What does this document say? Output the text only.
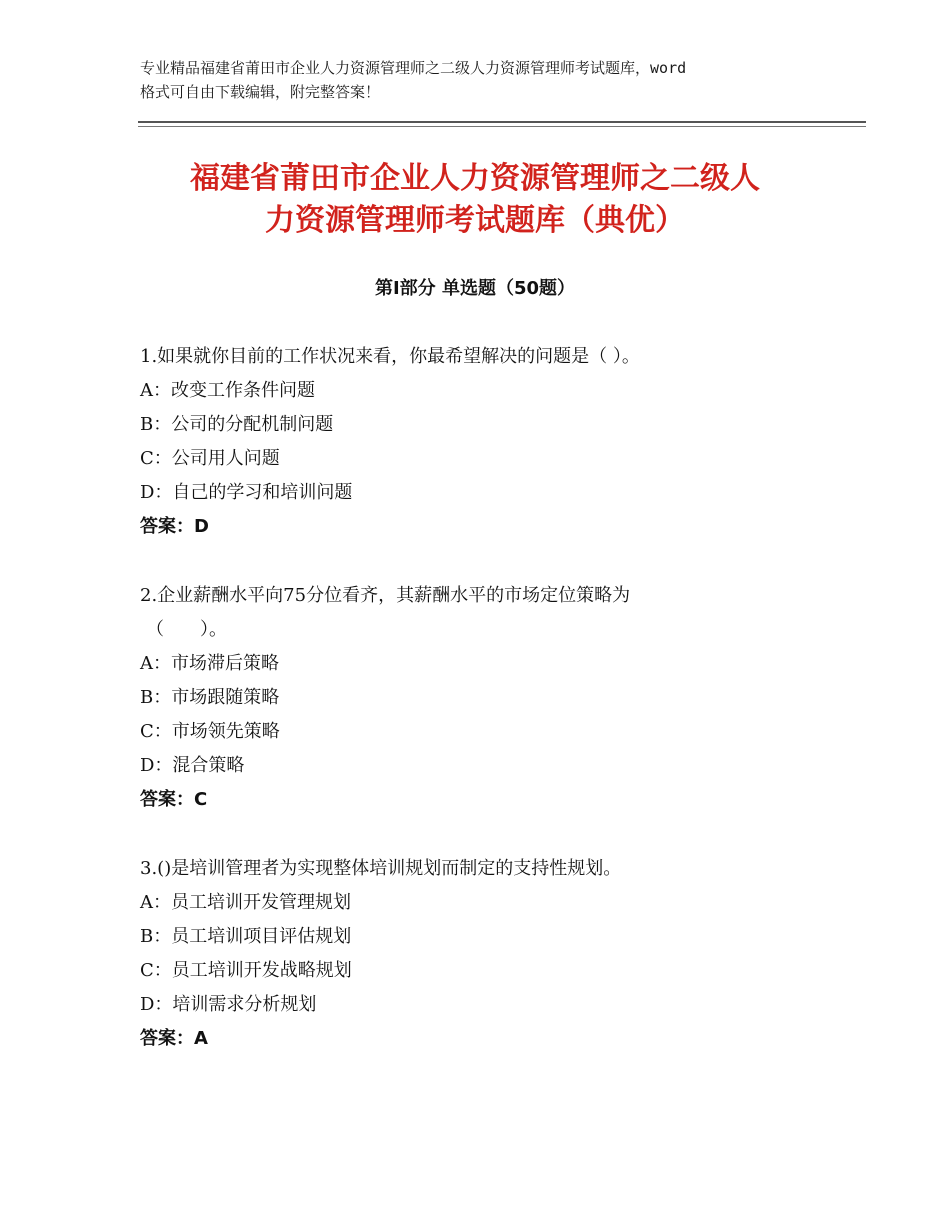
专业精品福建省莆田市企业人力资源管理师之二级人力资源管理师考试题库，word
格式可自由下载编辑，附完整答案！
福建省莆田市企业人力资源管理师之二级人
力资源管理师考试题库（典优）
第Ⅰ部分 单选题（50题）
1.如果就你目前的工作状况来看，你最希望解决的问题是（ ）。
A：改变工作条件问题
B：公司的分配机制问题
C：公司用人问题
D：自己的学习和培训问题
答案：D
2.企业薪酬水平向75分位看齐，其薪酬水平的市场定位策略为
（　　）。
A：市场滞后策略
B：市场跟随策略
C：市场领先策略
D：混合策略
答案：C
3.()是培训管理者为实现整体培训规划而制定的支持性规划。
A：员工培训开发管理规划
B：员工培训项目评估规划
C：员工培训开发战略规划
D：培训需求分析规划
答案：A
